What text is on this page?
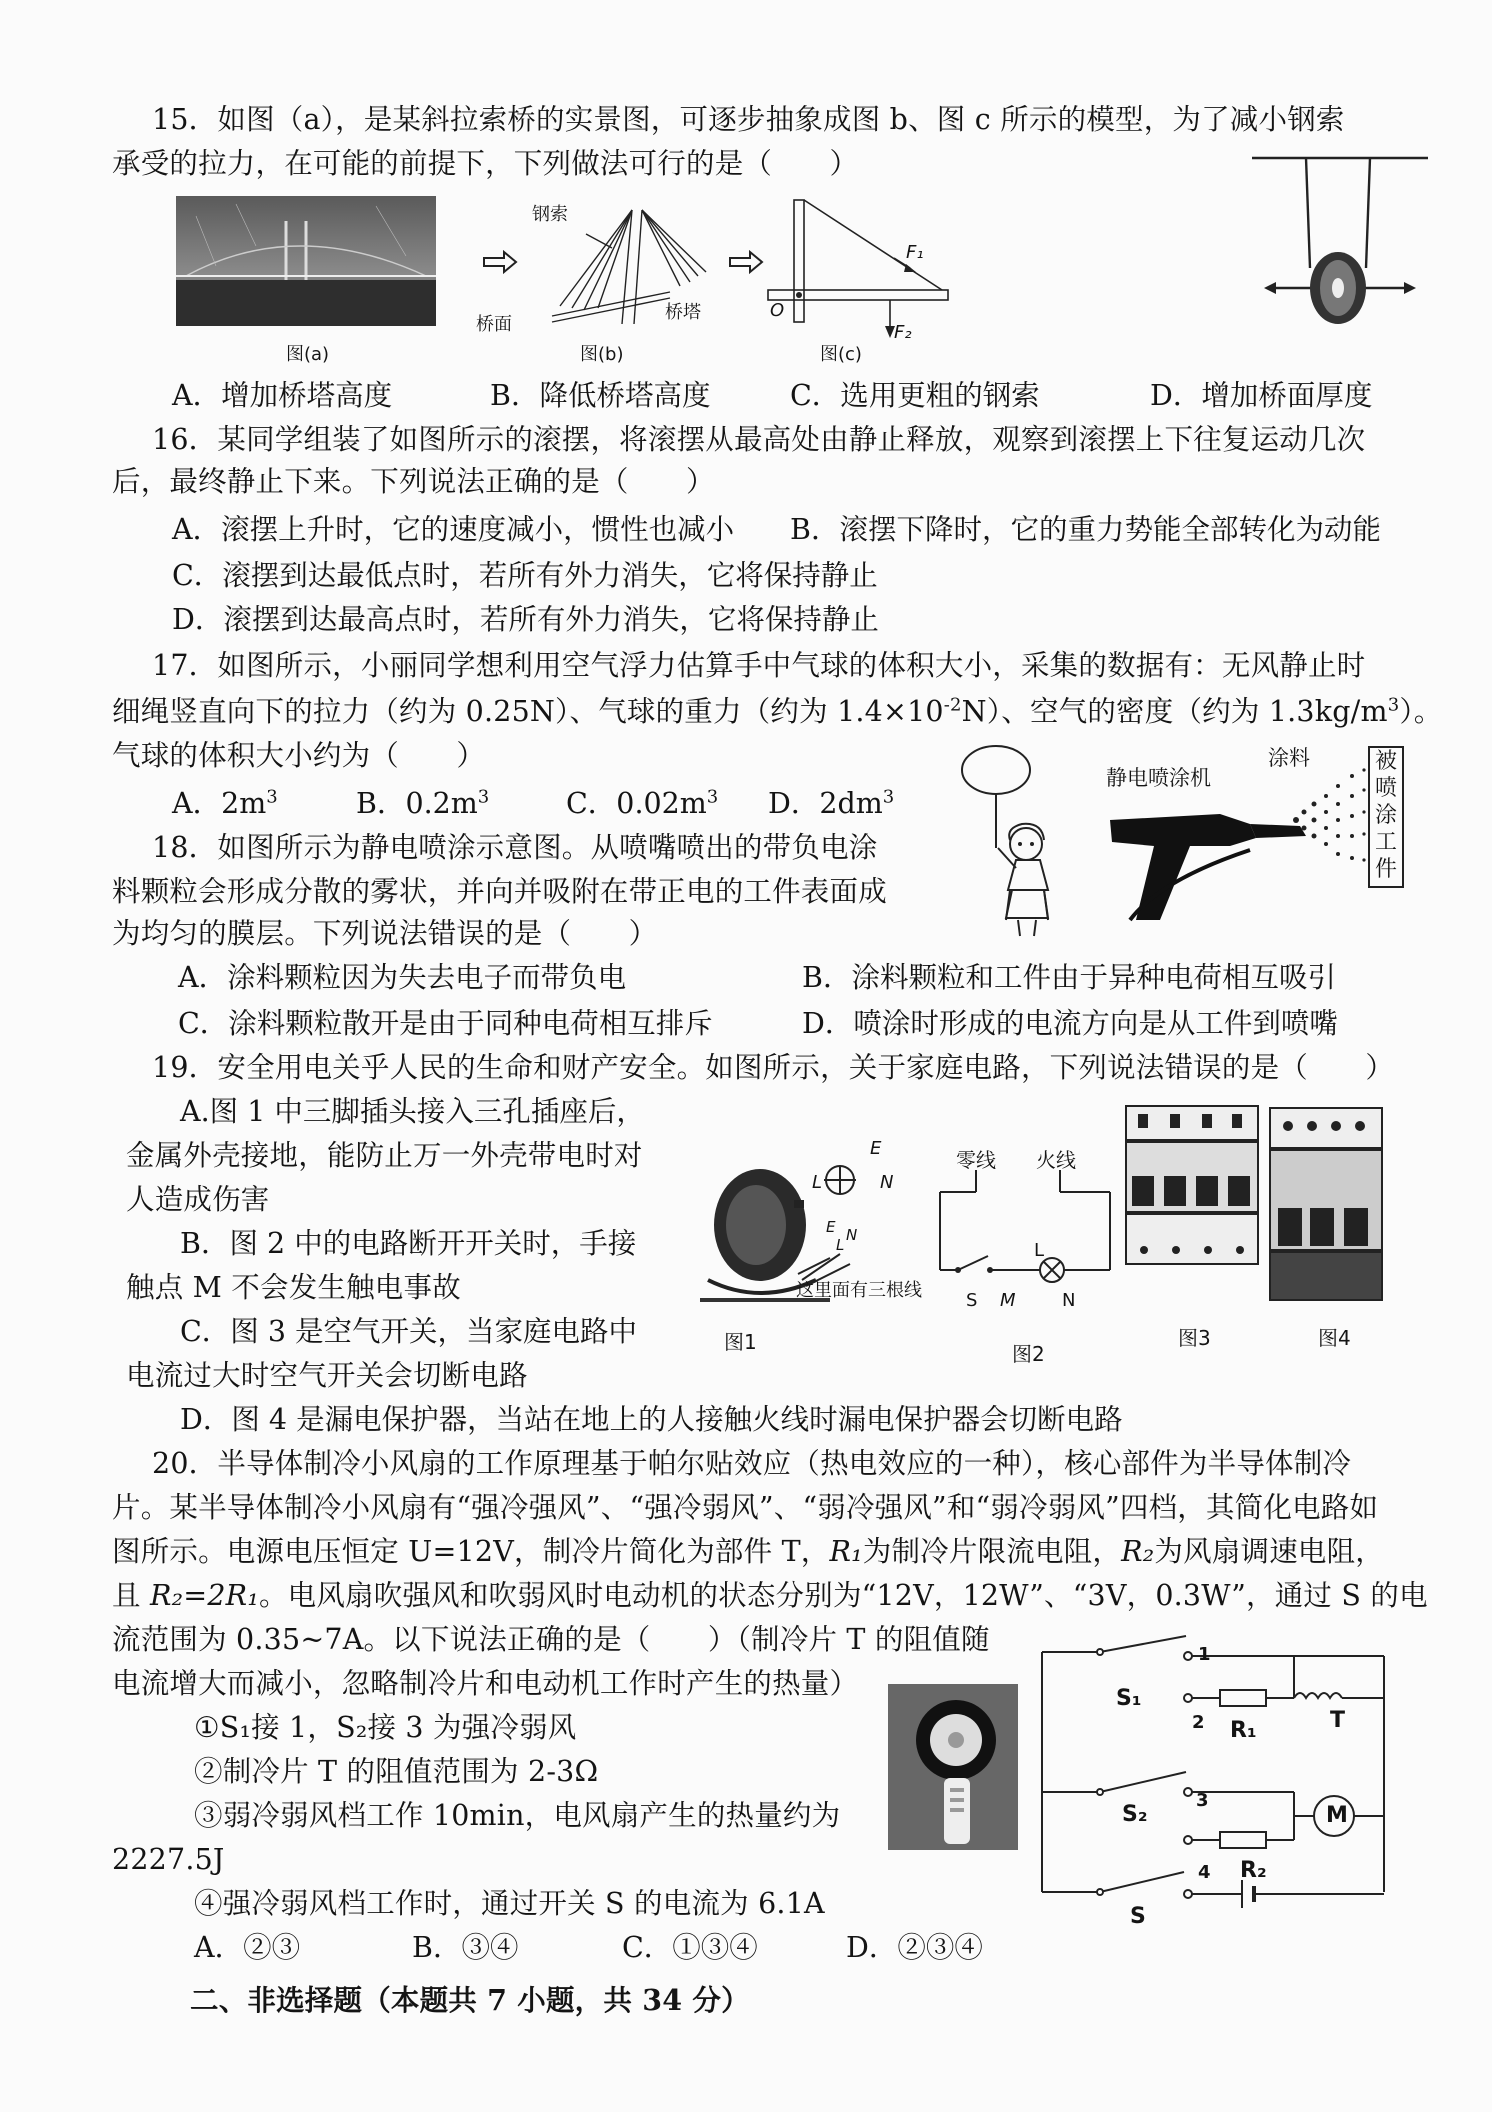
15．如图（a），是某斜拉索桥的实景图，可逐步抽象成图 b、图 c 所示的模型，为了减小钢索
承受的拉力，在可能的前提下，下列做法可行的是（　　）
图(a)
钢索
桥面
桥塔
图(b)
O
F₁
F₂
图(c)
A．增加桥塔高度	B．降低桥塔高度	C．选用更粗的钢索	D．增加桥面厚度
16．某同学组装了如图所示的滚摆，将滚摆从最高处由静止释放，观察到滚摆上下往复运动几次
后，最终静止下来。下列说法正确的是（　　）
A．滚摆上升时，它的速度减小，惯性也减小 B．滚摆下降时，它的重力势能全部转化为动能
C．滚摆到达最低点时，若所有外力消失，它将保持静止
D．滚摆到达最高点时，若所有外力消失，它将保持静止
17．如图所示，小丽同学想利用空气浮力估算手中气球的体积大小，采集的数据有：无风静止时
细绳竖直向下的拉力（约为 0.25N）、气球的重力（约为 $1.4\times 10^{-2}N$）、空气的密度（约为 $1.3kg/m^3$）。
气球的体积大小约为（　　）
A．$2m^3$	B．$0.2m^3$	C．$0.02m^3$ D．$2dm^3$
静电喷涂机
涂料	被
喷
涂
工
件
18．如图所示为静电喷涂示意图。从喷嘴喷出的带负电涂
料颗粒会形成分散的雾状，并向并吸附在带正电的工件表面成
为均匀的膜层。下列说法错误的是（　　）
A．涂料颗粒因为失去电子而带负电	B．涂料颗粒和工件由于异种电荷相互吸引
C．涂料颗粒散开是由于同种电荷相互排斥	D．喷涂时形成的电流方向是从工件到喷嘴
19．安全用电关乎人民的生命和财产安全。如图所示，关于家庭电路，下列说法错误的是（　　）
A.图 1 中三脚插头接入三孔插座后，
金属外壳接地，能防止万一外壳带电时对
人造成伤害
B．图 2 中的电路断开开关时，手接
触点 M 不会发生触电事故
C．图 3 是空气开关，当家庭电路中
电流过大时空气开关会切断电路
D．图 4 是漏电保护器，当站在地上的人接触火线时漏电保护器会切断电路
E
L	N
E
L
N
这里面有三根线
图1
零线 火线
L
S M	N
图2
图3	图4
20．半导体制冷小风扇的工作原理基于帕尔贴效应（热电效应的一种），核心部件为半导体制冷
片。某半导体制冷小风扇有“强冷强风”、“强冷弱风”、“弱冷强风”和“弱冷弱风”四档，其简化电路如
图所示。电源电压恒定 U=12V，制冷片简化为部件 T，R₁为制冷片限流电阻，R₂为风扇调速电阻，
且 R₂=2R₁。电风扇吹强风和吹弱风时电动机的状态分别为“12V，12W”、“3V，0.3W”，通过 S 的电
流范围为 0.35~7A。以下说法正确的是（　　）（制冷片 T 的阻值随
电流增大而减小，忽略制冷片和电动机工作时产生的热量）
①S₁接 1，S₂接 3 为强冷弱风
②制冷片 T 的阻值范围为 2-3Ω
③弱冷弱风档工作 10min，电风扇产生的热量约为
2227.5J
④强冷弱风档工作时，通过开关 S 的电流为 6.1A
A．②③	B．③④	C．①③④	D．②③④
S₁
1
2 R₁	T
S₂
3
R₂
M
4
S
二、非选择题（本题共 7 小题，共 34 分）
